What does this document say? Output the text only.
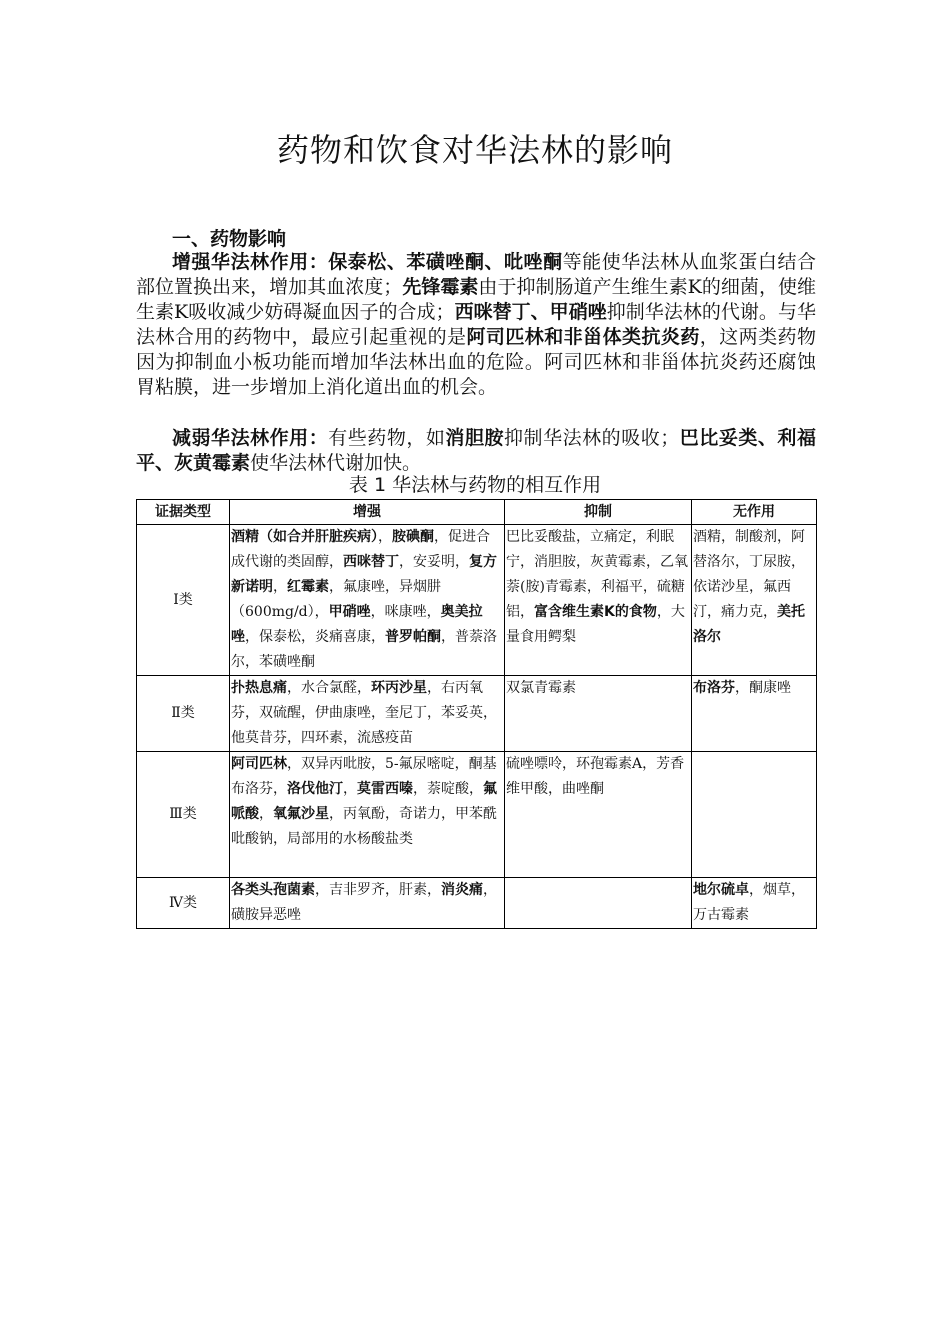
药物和饮食对华法林的影响
一、药物影响
增强华法林作用：保泰松、苯磺唑酮、吡唑酮等能使华法林从血浆蛋白结合部位置换出来，增加其血浓度；先锋霉素由于抑制肠道产生维生素K的细菌，使维生素K吸收减少妨碍凝血因子的合成；西咪替丁、甲硝唑抑制华法林的代谢。与华法林合用的药物中，最应引起重视的是阿司匹林和非甾体类抗炎药，这两类药物因为抑制血小板功能而增加华法林出血的危险。阿司匹林和非甾体抗炎药还腐蚀胃粘膜，进一步增加上消化道出血的机会。
减弱华法林作用：有些药物，如消胆胺抑制华法林的吸收；巴比妥类、利福平、灰黄霉素使华法林代谢加快。
表 1 华法林与药物的相互作用
证据类型	增强	抑制	无作用
Ⅰ类	酒精（如合并肝脏疾病），胺碘酮，促进合成代谢的类固醇，西咪替丁，安妥明，复方新诺明，红霉素，氟康唑，异烟肼（600mg/d），甲硝唑，咪康唑，奥美拉唑，保泰松，炎痛喜康，普罗帕酮，普萘洛尔，苯磺唑酮	巴比妥酸盐，立痛定，利眠宁，消胆胺，灰黄霉素，乙氧萘(胺)青霉素，利福平，硫糖铝，富含维生素K的食物，大量食用鳄梨	酒精，制酸剂，阿替洛尔，丁尿胺，依诺沙星，氟西汀，痛力克，美托洛尔
Ⅱ类	扑热息痛，水合氯醛，环丙沙星，右丙氧芬，双硫醒，伊曲康唑，奎尼丁，苯妥英，他莫昔芬，四环素，流感疫苗	双氯青霉素	布洛芬，酮康唑
Ⅲ类	阿司匹林，双异丙吡胺，5-氟尿嘧啶，酮基布洛芬，洛伐他汀，莫雷西嗪，萘啶酸，氟哌酸，氧氟沙星，丙氧酚，奇诺力，甲苯酰吡酸钠，局部用的水杨酸盐类	硫唑嘌呤，环孢霉素A，芳香维甲酸，曲唑酮	
Ⅳ类	各类头孢菌素，吉非罗齐，肝素，消炎痛，磺胺异恶唑		地尔硫卓，烟草，万古霉素
